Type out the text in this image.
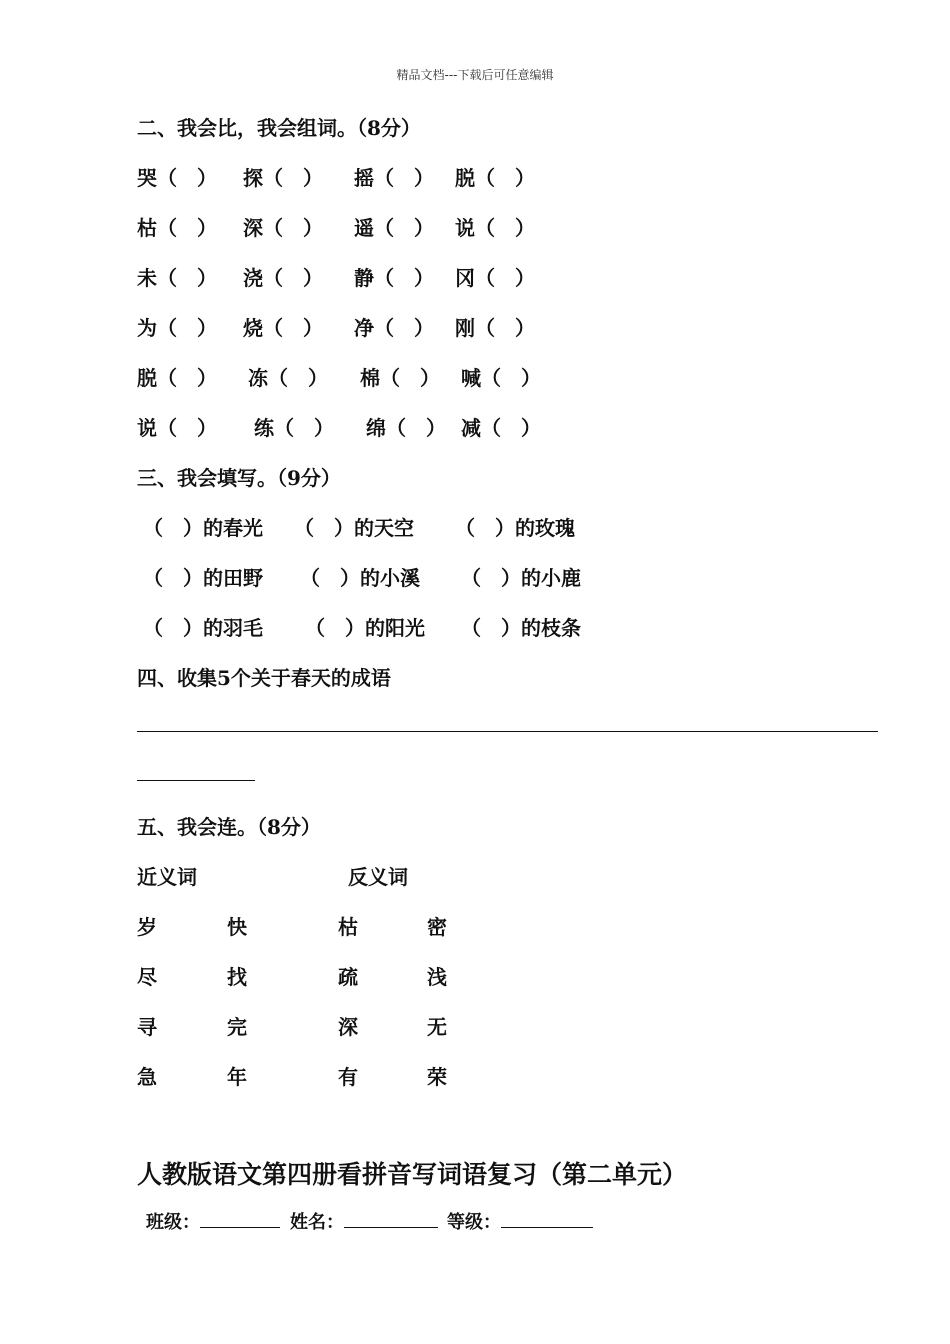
精品文档---下载后可任意编辑
二、我会比，我会组词。（8分）
哭（　） 探（　） 摇（　） 脱（　）
枯（　） 深（　） 遥（　） 说（　）
未（　） 浇（　） 静（　） 冈（　）
为（　） 烧（　） 净（　） 刚（　）
脱（　） 冻（　） 棉（　） 喊（　）
说（　） 练（　） 绵（　） 减（　）
三、我会填写。（9分）
（　）的春光 （　）的天空 （　）的玫瑰
（　）的田野 （　）的小溪 （　）的小鹿
（　）的羽毛 （　）的阳光 （　）的枝条
四、收集5个关于春天的成语
五、我会连。（8分）
近义词	反义词
岁	快	枯	密
尽	找	疏	浅
寻	完	深	无
急	年	有	荣
人教版语文第四册看拼音写词语复习（第二单元）
班级：	姓名：	等级：
